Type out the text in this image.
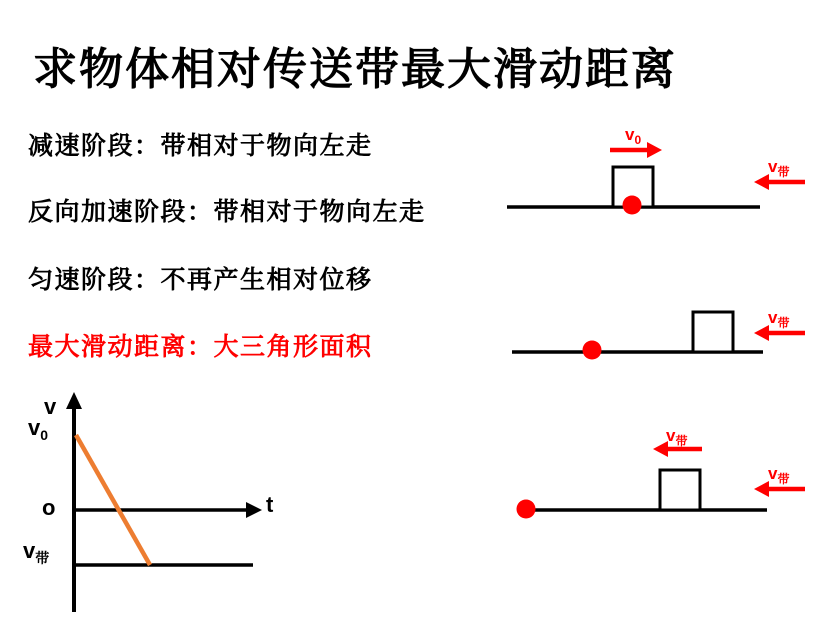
求物体相对传送带最大滑动距离
减速阶段：带相对于物向左走
反向加速阶段：带相对于物向左走
匀速阶段：不再产生相对位移
最大滑动距离：大三角形面积
v
$v_0$
o	t
$v_带$
$v_0$
$v_带$
$v_带$
$v_带$
$v_带$
